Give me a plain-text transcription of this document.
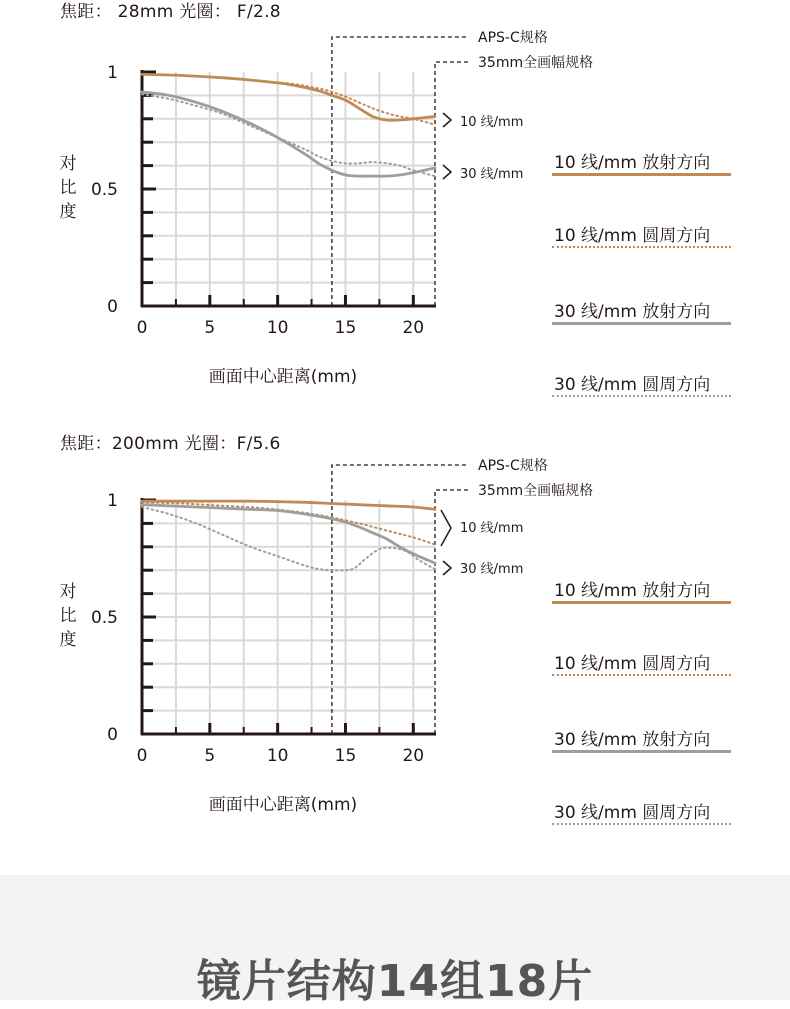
焦距： 28mm 光圈： F/2.8
1
0.5
0
0	5	10	15	20
对
比
度
画面中心距离(mm)
APS-C规格
35mm全画幅规格
10 线/mm
30 线/mm
10 线/mm 放射方向
10 线/mm 圆周方向
30 线/mm 放射方向
30 线/mm 圆周方向
焦距：200mm 光圈：F/5.6
1
0.5
0
0	5	10	15	20
对
比
度
画面中心距离(mm)
APS-C规格
35mm全画幅规格
10 线/mm
30 线/mm
10 线/mm 放射方向
10 线/mm 圆周方向
30 线/mm 放射方向
30 线/mm 圆周方向
镜片结构14组18片
